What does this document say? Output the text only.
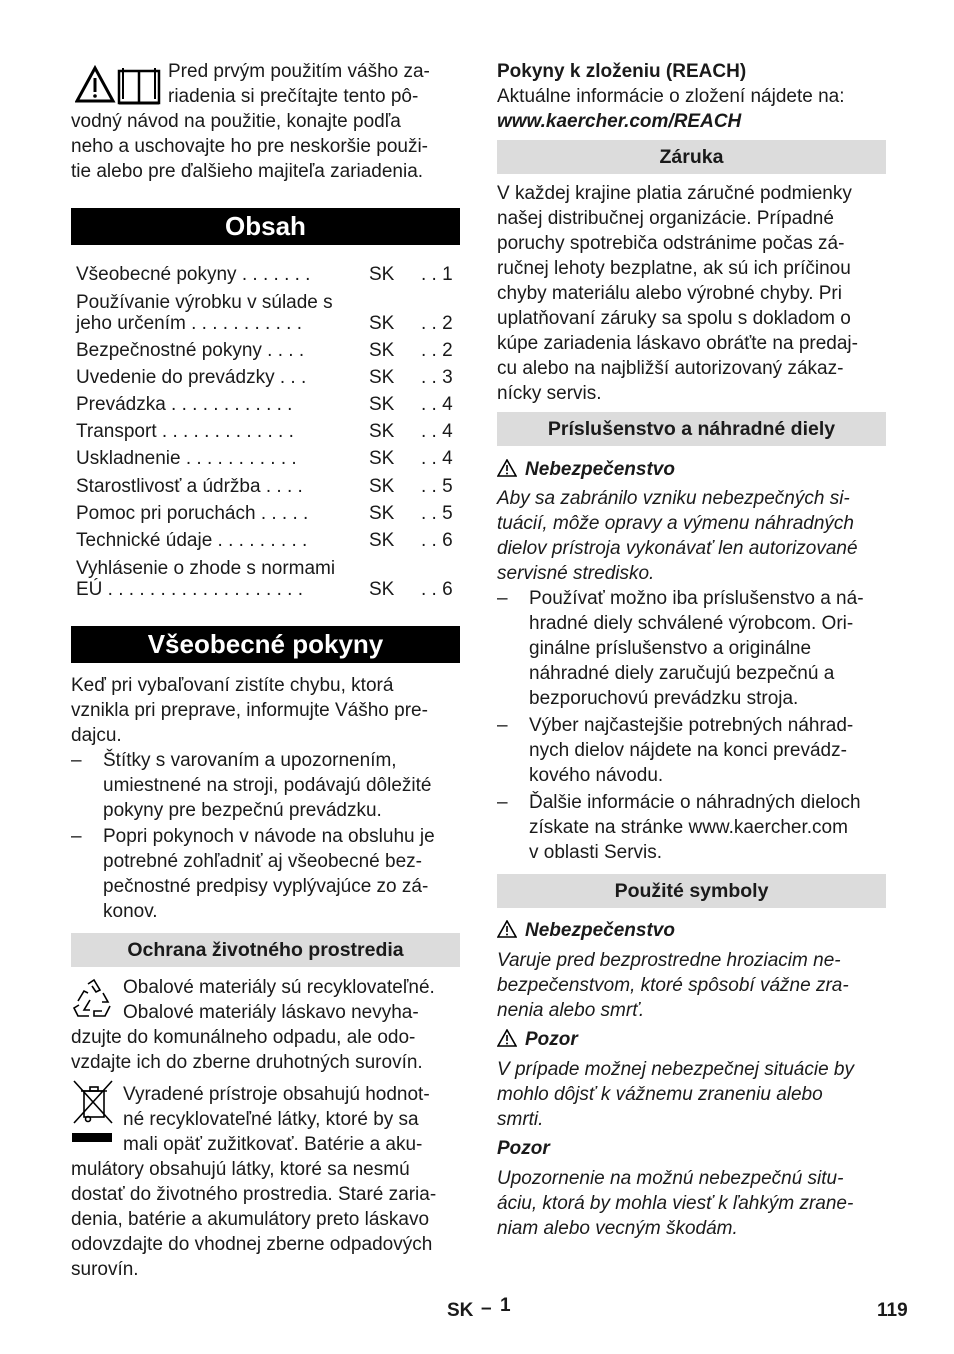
Pred prvým použitím vášho za-
riadenia si prečítajte tento pô-
vodný návod na použitie, konajte podľa
neho a uschovajte ho pre neskoršie použi-
tie alebo pre ďalšieho majiteľa zariadenia.
Obsah
Všeobecné pokyny . . . . . . .	SK . . 1
Používanie výrobku v súlade s
jeho určením . . . . . . . . . . .	SK . . 2
Bezpečnostné pokyny . . . .	SK . . 2
Uvedenie do prevádzky . . .	SK . . 3
Prevádzka . . . . . . . . . . . .	SK . . 4
Transport . . . . . . . . . . . . .	SK . . 4
Uskladnenie . . . . . . . . . . .	SK . . 4
Starostlivosť a údržba . . . .	SK . . 5
Pomoc pri poruchách . . . . .	SK . . 5
Technické údaje . . . . . . . . .	SK . . 6
Vyhlásenie o zhode s normami
EÚ . . . . . . . . . . . . . . . . . . .	SK . . 6
Všeobecné pokyny
Keď pri vybaľovaní zistíte chybu, ktorá
vznikla pri preprave, informujte Vášho pre-
dajcu.
– Štítky s varovaním a upozornením,
umiestnené na stroji, podávajú dôležité
pokyny pre bezpečnú prevádzku.
– Popri pokynoch v návode na obsluhu je
potrebné zohľadniť aj všeobecné bez-
pečnostné predpisy vyplývajúce zo zá-
konov.
Ochrana životného prostredia
Obalové materiály sú recyklovateľné.
Obalové materiály láskavo nevyha-
dzujte do komunálneho odpadu, ale odo-
vzdajte ich do zberne druhotných surovín.
Vyradené prístroje obsahujú hodnot-
né recyklovateľné látky, ktoré by sa
mali opäť zužitkovať. Batérie a aku-
mulátory obsahujú látky, ktoré sa nesmú
dostať do životného prostredia. Staré zaria-
denia, batérie a akumulátory preto láskavo
odovzdajte do vhodnej zberne odpadových
surovín.
Pokyny k zloženiu (REACH)
Aktuálne informácie o zložení nájdete na:
www.kaercher.com/REACH
Záruka
V každej krajine platia záručné podmienky
našej distribučnej organizácie. Prípadné
poruchy spotrebiča odstránime počas zá-
ručnej lehoty bezplatne, ak sú ich príčinou
chyby materiálu alebo výrobné chyby. Pri
uplatňovaní záruky sa spolu s dokladom o
kúpe zariadenia láskavo obráťte na predaj-
cu alebo na najbližší autorizovaný zákaz-
nícky servis.
Príslušenstvo a náhradné diely
Nebezpečenstvo
Aby sa zabránilo vzniku nebezpečných si-
tuácií, môže opravy a výmenu náhradných
dielov prístroja vykonávať len autorizované
servisné stredisko.
– Používať možno iba príslušenstvo a ná-
hradné diely schválené výrobcom. Ori-
ginálne príslušenstvo a originálne
náhradné diely zaručujú bezpečnú a
bezporuchovú prevádzku stroja.
– Výber najčastejšie potrebných náhrad-
nych dielov nájdete na konci prevádz-
kového návodu.
– Ďalšie informácie o náhradných dieloch
získate na stránke www.kaercher.com
v oblasti Servis.
Použité symboly
Nebezpečenstvo
Varuje pred bezprostredne hroziacim ne-
bezpečenstvom, ktoré spôsobí vážne zra-
nenia alebo smrť.
Pozor
V prípade možnej nebezpečnej situácie by
mohlo dôjsť k vážnemu zraneniu alebo
smrti.
Pozor
Upozornenie na možnú nebezpečnú situ-
áciu, ktorá by mohla viesť k ľahkým zrane-
niam alebo vecným škodám.
SK – 1	119
